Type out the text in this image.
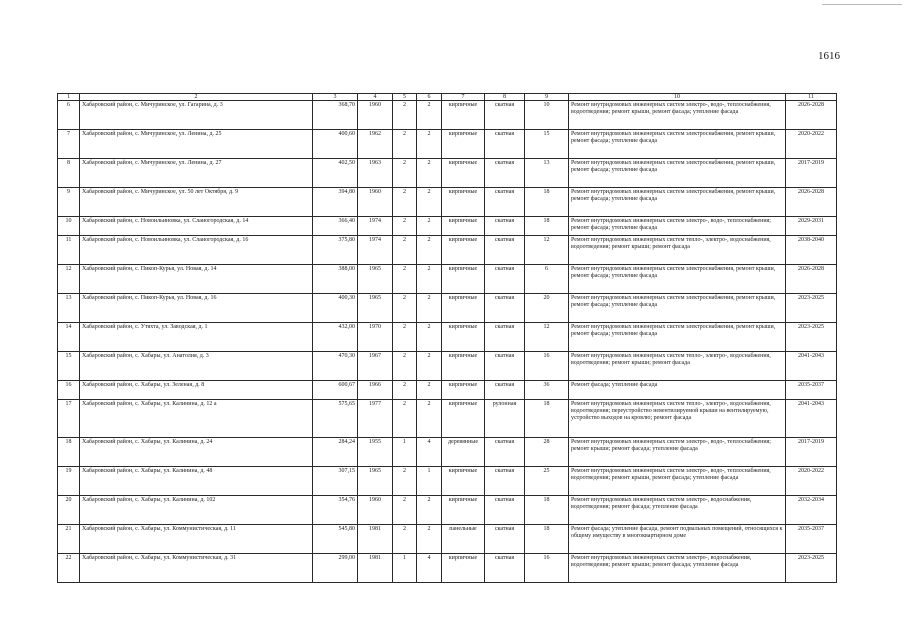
1616
1	2	3	4	5	6	7	8	9	10	11
6	Хабаровский район, с. Мичуринское, ул. Гагарина, д. 3	368,70	1960	2	2	кирпичные	скатная	10	Ремонт внутридомовых инженерных систем электро-, водо-, теплоснабжения, водоотведения; ремонт крыши, ремонт фасада; утепление фасада	2026-2028
7	Хабаровский район, с. Мичуринское, ул. Ленина, д. 25	400,60	1962	2	2	кирпичные	скатная	15	Ремонт внутридомовых инженерных систем электроснабжения, ремонт крыши, ремонт фасада; утепление фасада	2020-2022
8	Хабаровский район, с. Мичуринское, ул. Ленина, д. 27	402,50	1963	2	2	кирпичные	скатная	13	Ремонт внутридомовых инженерных систем электроснабжения, ремонт крыши, ремонт фасада; утепление фасада	2017-2019
9	Хабаровский район, с. Мичуринское, ул. 50 лет Октября, д. 9	394,80	1960	2	2	кирпичные	скатная	18	Ремонт внутридомовых инженерных систем электроснабжения, ремонт крыши, ремонт фасада; утепление фасада	2026-2028
10	Хабаровский район, с. Новоильиновка, ул. Слаиогородская, д. 14	366,40	1974	2	2	кирпичные	скатная	18	Ремонт внутридомовых инженерных систем электро-, водо-, теплоснабжения; ремонт фасада; утепление фасада	2029-2031
11	Хабаровский район, с. Новоильиновка, ул. Слаиогородская, д. 16	375,80	1974	2	2	кирпичные	скатная	12	Ремонт внутридомовых инженерных систем тепло-, электро-, водоснабжения, водоотведения; ремонт крыши; ремонт фасада	2038-2040
12	Хабаровский район, с. Пикоп-Курья, ул. Новая, д. 14	388,00	1965	2	2	кирпичные	скатная	6	Ремонт внутридомовых инженерных систем электроснабжения, ремонт крыши, ремонт фасада; утепление фасада	2026-2028
13	Хабаровский район, с. Пикоп-Курья, ул. Новая, д. 16	400,30	1965	2	2	кирпичные	скатная	20	Ремонт внутридомовых инженерных систем электроснабжения, ремонт крыши, ремонт фасада; утепление фасада	2023-2025
14	Хабаровский район, с. Утяхта, ул. Заводская, д. 1	432,00	1970	2	2	кирпичные	скатная	12	Ремонт внутридомовых инженерных систем электроснабжения, ремонт крыши, ремонт фасада; утепление фасада	2023-2025
15	Хабаровский район, с. Хабары, ул. Анатолия, д. 3	470,30	1967	2	2	кирпичные	скатная	16	Ремонт внутридомовых инженерных систем тепло-, электро-, водоснабжения, водоотведения; ремонт крыши; ремонт фасада	2041-2043
16	Хабаровский район, с. Хабары, ул. Зеленая, д. 8	600,67	1966	2	2	кирпичные	скатная	36	Ремонт фасада; утепление фасада	2035-2037
17	Хабаровский район, с. Хабары, ул. Калинина, д. 12 а	575,65	1977	2	2	кирпичные	рулонная	18	Ремонт внутридомовых инженерных систем тепло-, электро-, водоснабжения, водоотведения; переустройство невентилируемой крыши на вентилируемую, устройство выходов на кровлю; ремонт фасада	2041-2043
18	Хабаровский район, с. Хабары, ул. Калинина, д. 24	284,24	1955	1	4	деревянные	скатная	28	Ремонт внутридомовых инженерных систем электро-, водо-, теплоснабжения; ремонт крыши; ремонт фасада; утепление фасада	2017-2019
19	Хабаровский район, с. Хабары, ул. Калинина, д. 48	307,15	1965	2	1	кирпичные	скатная	25	Ремонт внутридомовых инженерных систем электро-, водо-, теплоснабжения, водоотведения; ремонт крыши, ремонт фасада; утепление фасада	2020-2022
20	Хабаровский район, с. Хабары, ул. Калинина, д. 102	354,76	1960	2	2	кирпичные	скатная	18	Ремонт внутридомовых инженерных систем электро-, водоснабжения, водоотведения; ремонт фасада; утепление фасада	2032-2034
21	Хабаровский район, с. Хабары, ул. Коммунистическая, д. 11	545,80	1981	2	2	панельные	скатная	18	Ремонт фасада; утепление фасада, ремонт подвальных помещений, относящихся к общему имуществу в многоквартирном доме	2035-2037
22	Хабаровский район, с. Хабары, ул. Коммунистическая, д. 31	299,00	1981	1	4	кирпичные	скатная	16	Ремонт внутридомовых инженерных систем электро-, водоснабжения, водоотведения; ремонт крыши; ремонт фасада; утепление фасада	2023-2025
